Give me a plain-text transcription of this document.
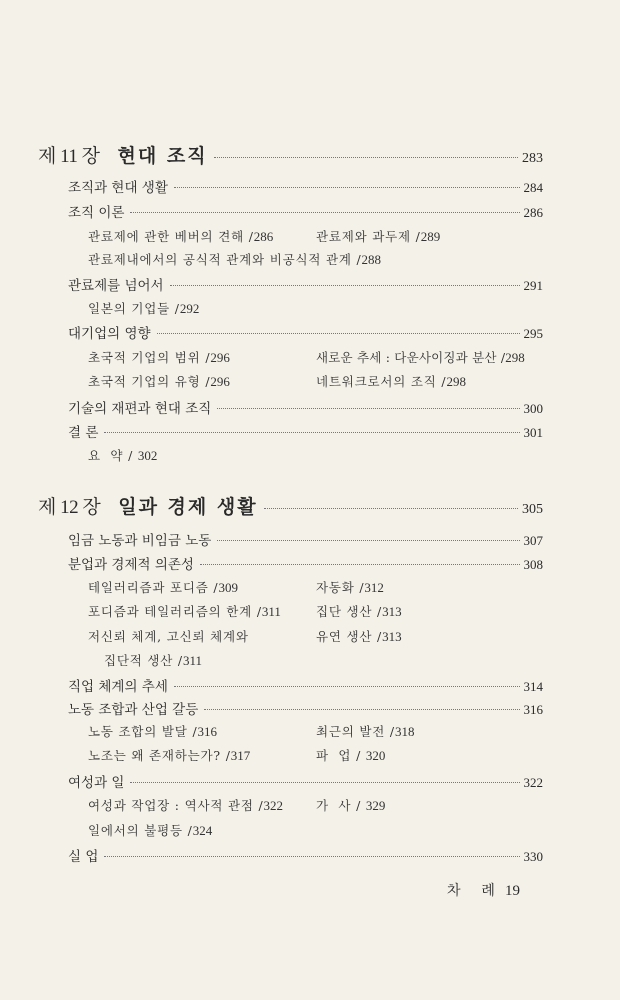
제 11 장 현대 조직	283
조직과 현대 생활	284
조직 이론	286
관료제에 관한 베버의 견해 / 286	관료제와 과두제 / 289
관료제내에서의 공식적 관계와 비공식적 관계 / 288
관료제를 넘어서	291
일본의 기업들 / 292
대기업의 영향	295
초국적 기업의 범위 / 296	새로운 추세 : 다운사이징과 분산 / 298
초국적 기업의 유형 / 296	네트워크로서의 조직 / 298
기술의 재편과 현대 조직	300
결 론	301
요  약 / 302
제 12 장 일과 경제 생활	305
임금 노동과 비임금 노동	307
분업과 경제적 의존성	308
테일러리즘과 포디즘 / 309	자동화 / 312
포디즘과 테일러리즘의 한계 / 311	집단 생산 / 313
저신뢰 체계, 고신뢰 체계와	유연 생산 / 313
집단적 생산 / 311
직업 체계의 추세	314
노동 조합과 산업 갈등	316
노동 조합의 발달 / 316	최근의 발전 / 318
노조는 왜 존재하는가? / 317	파  업 / 320
여성과 일	322
여성과 작업장 : 역사적 관점 / 322	가  사 / 329
일에서의 불평등 / 324
실 업	330
차  례 19
